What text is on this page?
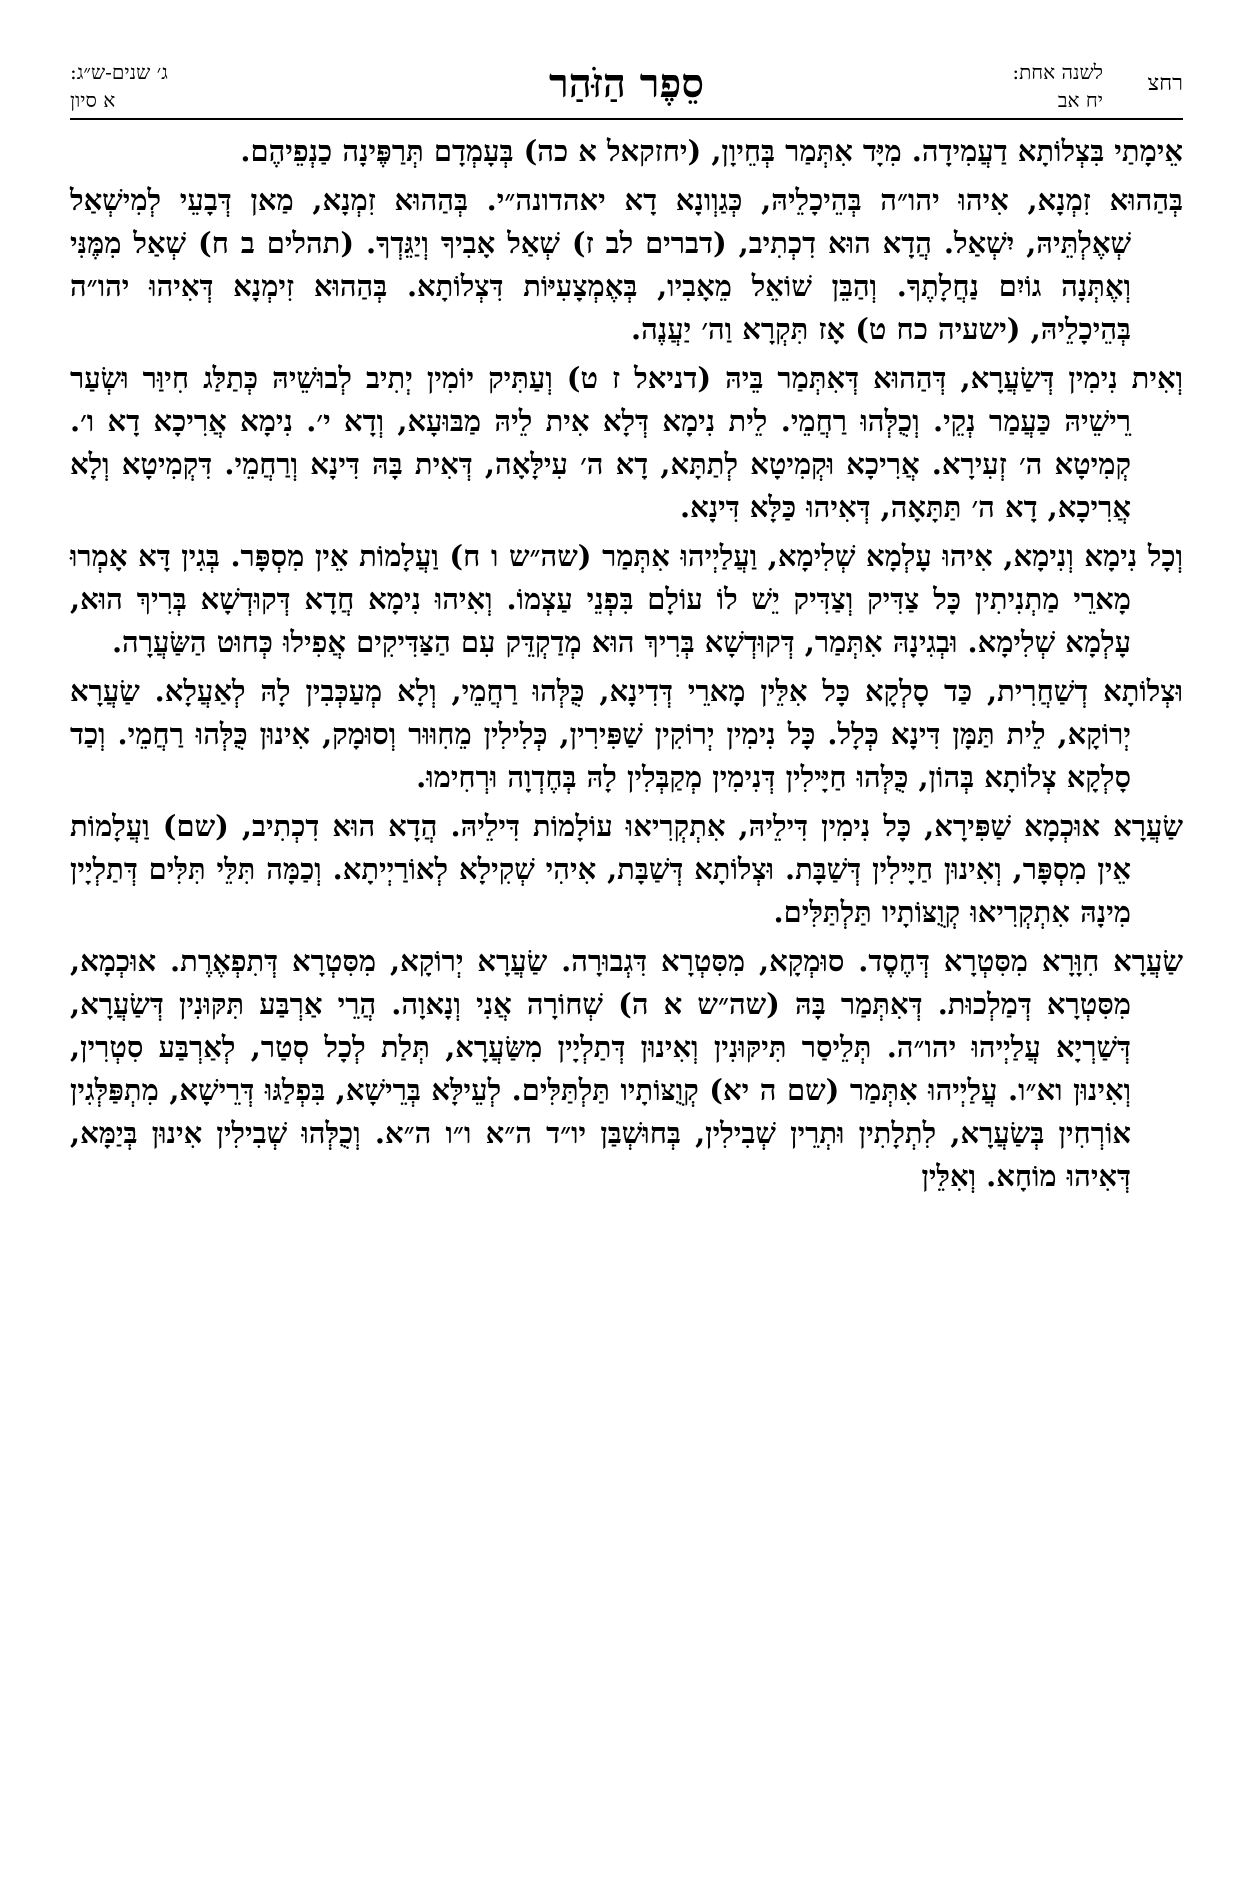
רחצ
לשנה אחת:
יח אב
סֵפֶר הַזֹּהַר
ג׳ שנים-ש״ג:
א סיון

אֵימָתַי בִּצְלוֹתָא דַעֲמִידָה. מִיָּד אִתְּמַר בְּחֵיוָן, (יחזקאל א כה) בְּעָמְדָם תְּרַפֶּינָה כַנְפֵיהֶם.

בְּהַהוּא זִמְנָא, אִיהוּ יהו״ה בְּהֵיכָלֵיהּ, כְּגַוְונָא דָא יאהדונה״י. בְּהַהוּא זִמְנָא, מַאן דְּבָעֵי לְמִישְׁאַל שְׁאֶלְתֵּיהּ, יִשְׁאַל. הֲדָא הוּא דִכְתִיב, (דברים לב ז) שְׁאַל אָבִיךָ וְיַגֵּדְךָ. (תהלים ב ח) שְׁאַל מִמֶּנִּי וְאֶתְּנָה גוֹיִם נַחֲלָתֶךָ. וְהַבֵּן שׁוֹאֵל מֵאָבִיו, בְּאֶמְצָעִיּוֹת דִּצְלוֹתָא. בְּהַהוּא זִימְנָא דְּאִיהוּ יהו״ה בְּהֵיכָלֵיהּ, (ישעיה כח ט) אָז תִּקְרָא וַה׳ יַעֲנֶה.

וְאִית נִימִין דְּשַׂעֲרָא, דְּהַהוּא דְּאִתְּמַר בֵּיהּ (דניאל ז ט) וְעַתִּיק יוֹמִין יְתִיב לְבוּשֵׁיהּ כְּתַלַּג חִיוַּר וּשְׂעַר רֵישֵׁיהּ כַּעֲמַר נְקֵי. וְכֻלְּהוּ רַחֲמֵי. לֵית נִימָא דְּלָא אִית לֵיהּ מַבּוּעָא, וְדָא י׳. נִימָא אֲרִיכָא דָא ו׳. קְמִיטָא ה׳ זְעִירָא. אֲרִיכָא וּקְמִיטָא לְתַתָּא, דָא ה׳ עִילָּאָה, דְּאִית בָּהּ דִּינָא וְרַחֲמֵי. דִּקְמִיטָא וְלָא אֲרִיכָא, דָא ה׳ תַּתָּאָה, דְּאִיהוּ כַּלָּא דִּינָא.

וְכָל נִימָא וְנִימָא, אִיהוּ עָלְמָא שְׁלִימָא, וַעֲלַיְיהוּ אִתְּמַר (שה״ש ו ח) וַעֲלָמוֹת אֵין מִסְפָּר. בְּגִין דָּא אָמְרוּ מָארֵי מַתְנִיתִין כָּל צַדִּיק וְצַדִּיק יֵשׁ לוֹ עוֹלָם בִּפְנֵי עַצְמוֹ. וְאִיהוּ נִימָא חֲדָא דְּקוּדְשָׁא בְּרִיךְ הוּא, עָלְמָא שְׁלִימָא. וּבְגִינָהּ אִתְּמַר, דְּקוּדְשָׁא בְּרִיךְ הוּא מְדַקְדֵּק עִם הַצַּדִּיקִים אֲפִילוּ כְּחוּט הַשַּׂעֲרָה.

וּצְלוֹתָא דְשַׁחֲרִית, כַּד סָלְקָא כָּל אִלֵּין מָארֵי דְּדִינָא, כֻּלְּהוּ רַחֲמֵי, וְלָא מְעַכְּבִין לָהּ לְאַעֲלָא. שַׂעֲרָא יְרוֹקָא, לֵית תַּמָּן דִּינָא כְּלָל. כָּל נִימִין יְרוֹקִין שַׁפִּירִין, כְּלִילִין מֵחִוּוּר וְסוּמָק, אִינוּן כֻּלְּהוּ רַחֲמֵי. וְכַד סָלְקָא צְלוֹתָא בְּהוֹן, כֻּלְּהוּ חַיָּילִין דְּנִימִין מְקַבְּלִין לָהּ בְּחֶדְוָה וּרְחִימוּ.

שַׂעֲרָא אוּכְמָא שַׁפִּירָא, כָּל נִימִין דִּילֵיהּ, אִתְקְרִיאוּ עוֹלָמוֹת דִּילֵיהּ. הֲדָא הוּא דִכְתִיב, (שם) וַעֲלָמוֹת אֵין מִסְפָּר, וְאִינוּן חַיָּילִין דְּשַׁבָּת. וּצְלוֹתָא דְּשַׁבָּת, אִיהִי שְׁקִילָא לְאוֹרַיְיתָא. וְכַמָּה תִּלֵּי תִּלִּים דְּתַלְיָין מִינָהּ אִתְקְרִיאוּ קְוֻצּוֹתָיו תַּלְתַּלִּים.

שַׂעֲרָא חִוָּרָא מִסִּטְרָא דְּחֶסֶד. סוּמְקָא, מִסִּטְרָא דִּגְבוּרָה. שַׂעֲרָא יְרוֹקָא, מִסִּטְרָא דְּתִפְאֶרֶת. אוּכְמָא, מִסִּטְרָא דְּמַלְכוּת. דְּאִתְּמַר בָּהּ (שה״ש א ה) שְׁחוֹרָה אֲנִי וְנָאוָה. הֲרֵי אַרְבַּע תִּקּוּנִין דְּשַׂעֲרָא, דְּשַׁרְיָא עֲלַיְיהוּ יהו״ה. תְּלֵיסַר תִּיקּוּנִין וְאִינוּן דְּתַלְיָין מִשַּׂעֲרָא, תְּלַת לְכָל סְטַר, לְאַרְבַּע סִטְרִין, וְאִינוּן וא״ו. עֲלַיְיהוּ אִתְּמַר (שם ה יא) קְוֻצּוֹתָיו תַּלְתַּלִּים. לְעֵילָּא בְּרֵישָׁא, בִּפְלַגּוּ דְּרֵישָׁא, מִתְפַּלְּגִין אוֹרְחִין בְּשַׂעֲרָא, לִתְלָתִין וּתְרֵין שְׁבִילִין, בְּחוּשְׁבַּן יו״ד ה״א ו״ו ה״א. וְכֻלְּהוּ שְׁבִילִין אִינוּן בְּיַמָּא, דְּאִיהוּ מוֹחָא. וְאִלֵּין
